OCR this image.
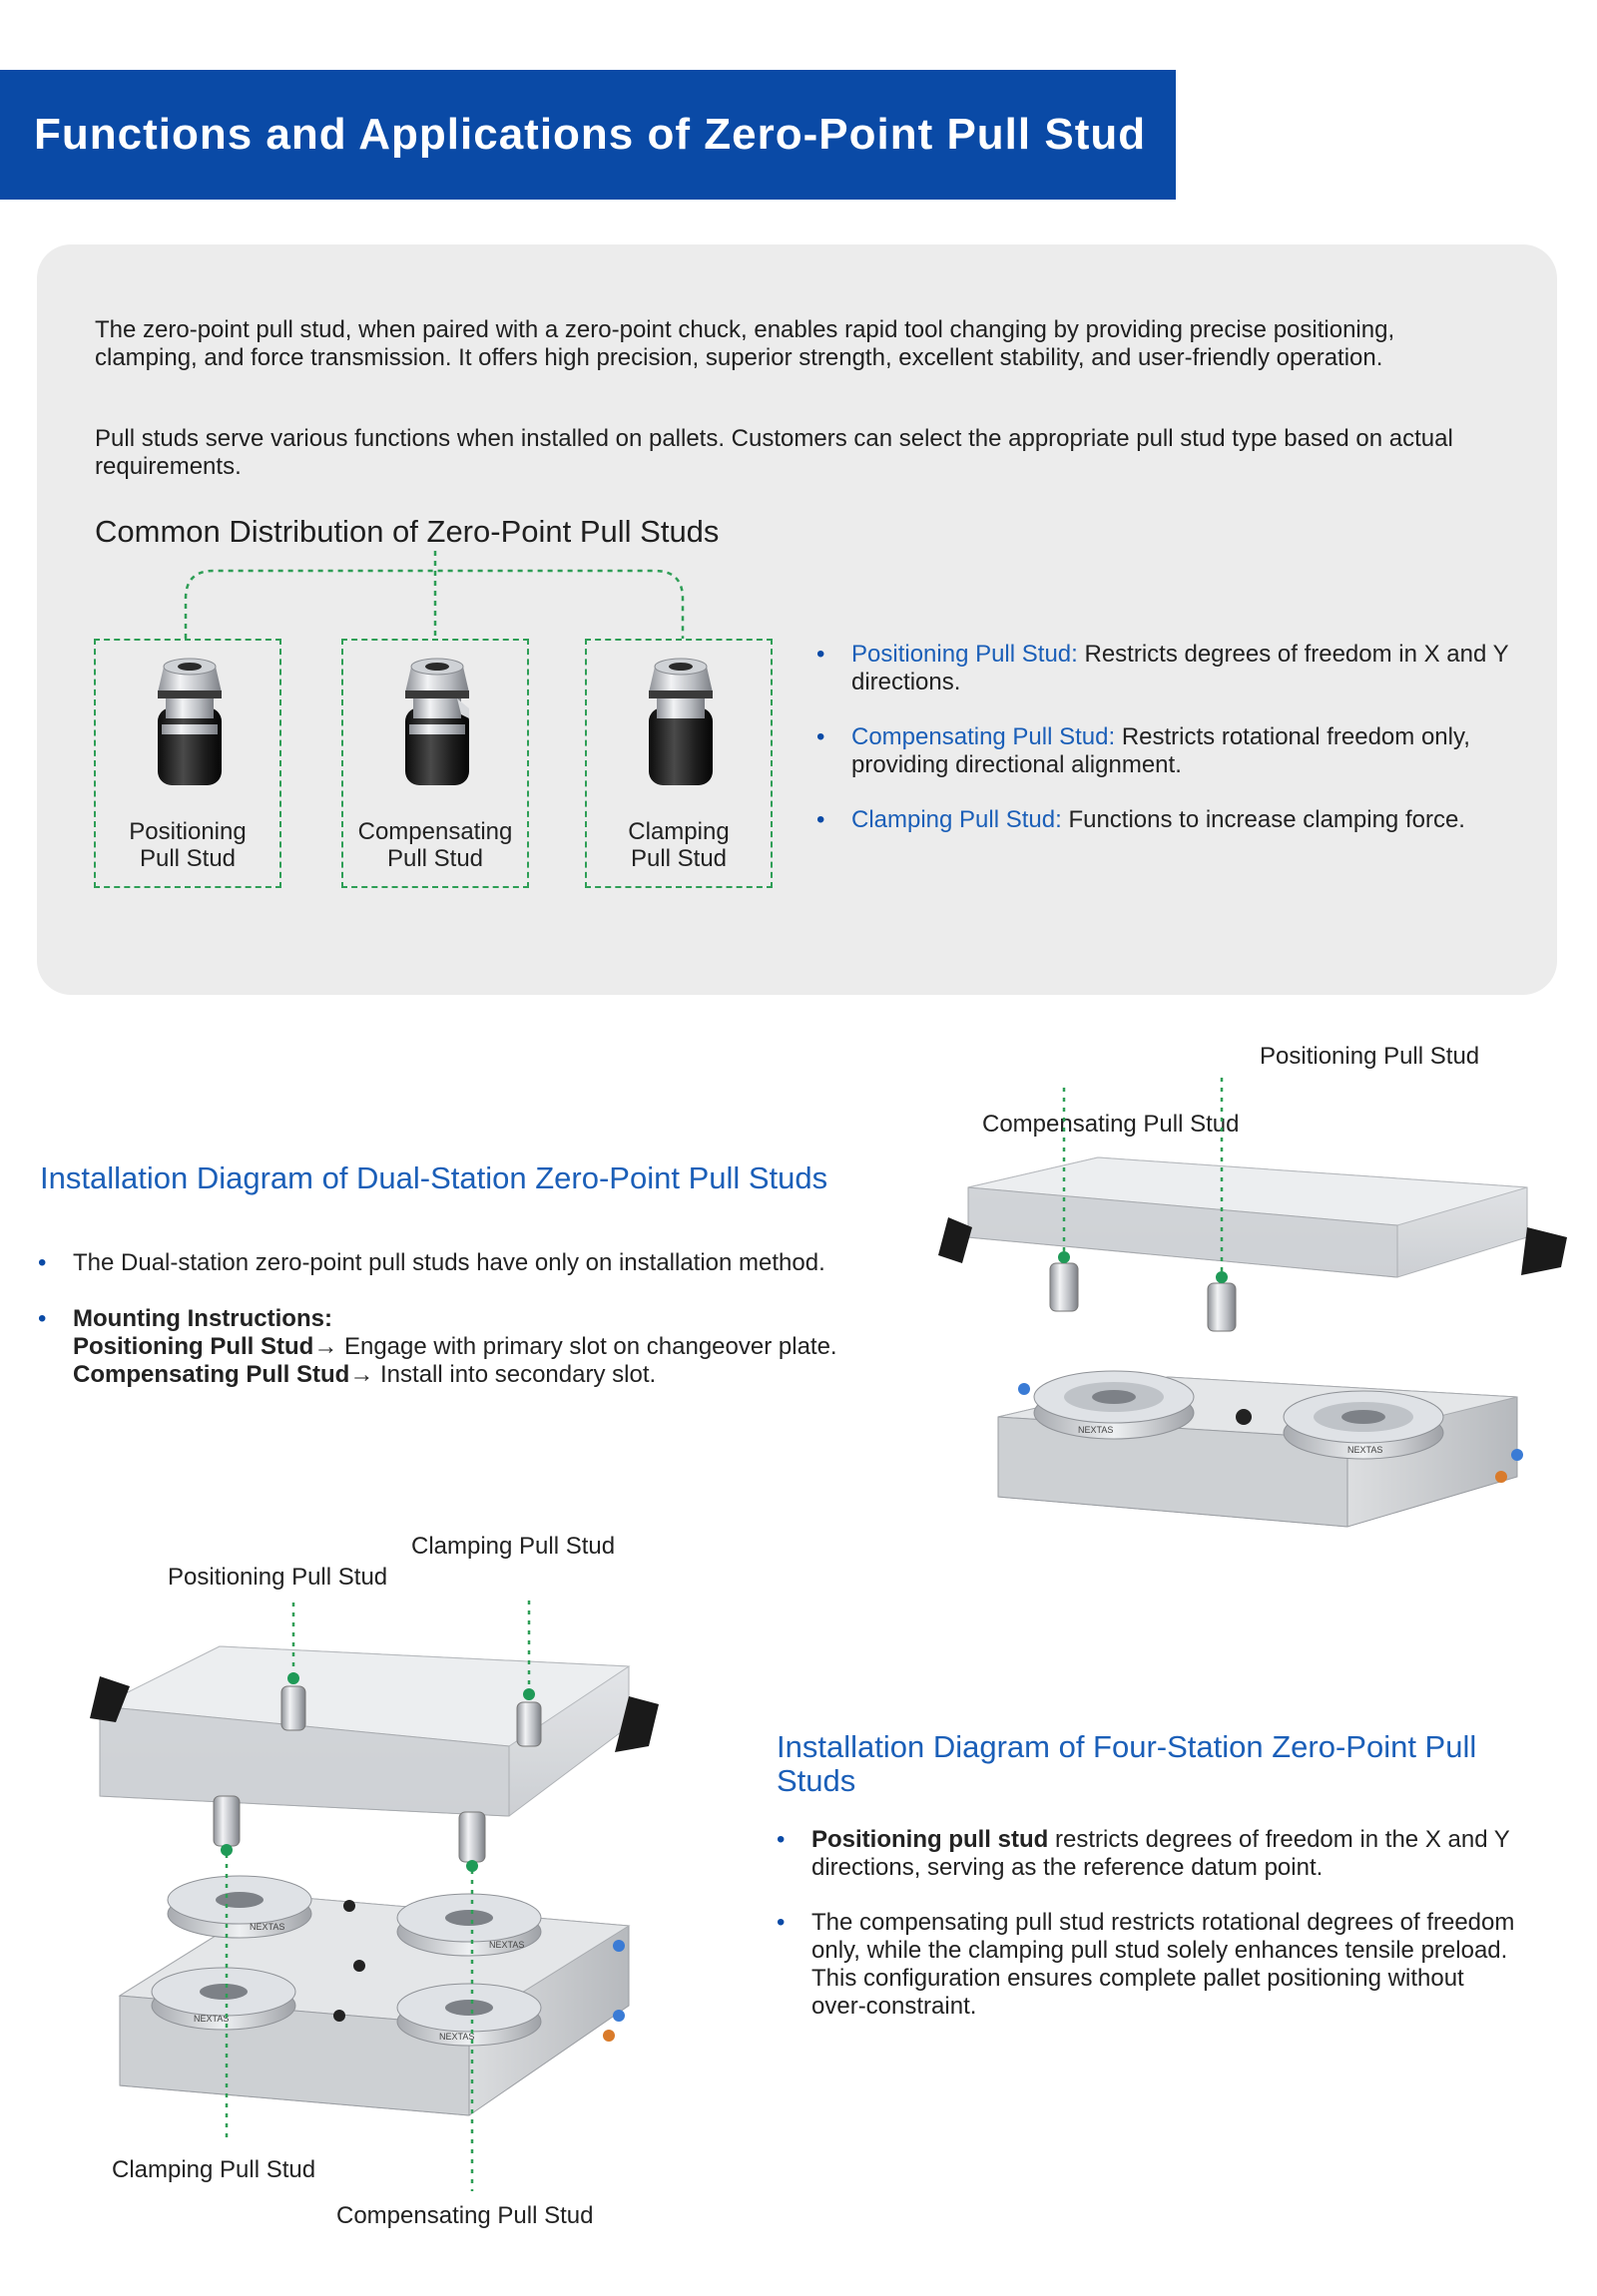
Functions and Applications of Zero-Point Pull Stud
The zero-point pull stud, when paired with a zero-point chuck, enables rapid tool changing by providing precise positioning, clamping, and force transmission. It offers high precision, superior strength, excellent stability, and user-friendly operation.
Pull studs serve various functions when installed on pallets. Customers can select the appropriate pull stud type based on actual requirements.
Common Distribution of Zero-Point Pull Studs
Positioning
Pull Stud
Compensating
Pull Stud
Clamping
Pull Stud
• Positioning Pull Stud: Restricts degrees of freedom in X and Y directions.
• Compensating Pull Stud: Restricts rotational freedom only, providing directional alignment.
• Clamping Pull Stud: Functions to increase clamping force.
Installation Diagram of Dual-Station Zero-Point Pull Studs
• The Dual-station zero-point pull studs have only on installation method.
• Mounting Instructions:
Positioning Pull Stud→ Engage with primary slot on changeover plate.
Compensating Pull Stud→ Install into secondary slot.
Positioning Pull Stud
Compensating Pull Stud
NEXTAS
NEXTAS
Clamping Pull Stud
Positioning Pull Stud
NEXTAS
NEXTAS
NEXTAS
NEXTAS
Clamping Pull Stud
Compensating Pull Stud
Installation Diagram of Four-Station Zero-Point Pull Studs
• Positioning pull stud restricts degrees of freedom in the X and Y directions, serving as the reference datum point.
• The compensating pull stud restricts rotational degrees of freedom only, while the clamping pull stud solely enhances tensile preload. This configuration ensures complete pallet positioning without over-constraint.
